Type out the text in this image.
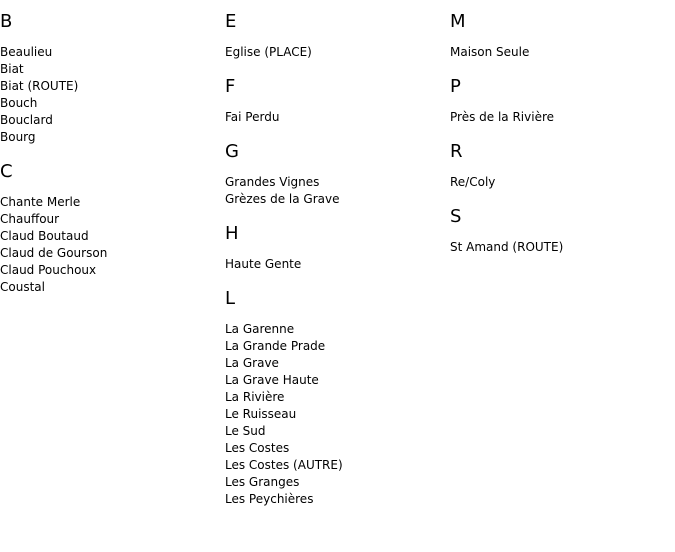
B
Beaulieu
Biat
Biat (ROUTE)
Bouch
Bouclard
Bourg
C
Chante Merle
Chauffour
Claud Boutaud
Claud de Gourson
Claud Pouchoux
Coustal
E
Eglise (PLACE)
F
Fai Perdu
G
Grandes Vignes
Grèzes de la Grave
H
Haute Gente
L
La Garenne
La Grande Prade
La Grave
La Grave Haute
La Rivière
Le Ruisseau
Le Sud
Les Costes
Les Costes (AUTRE)
Les Granges
Les Peychières
M
Maison Seule
P
Près de la Rivière
R
Re/Coly
S
St Amand (ROUTE)
